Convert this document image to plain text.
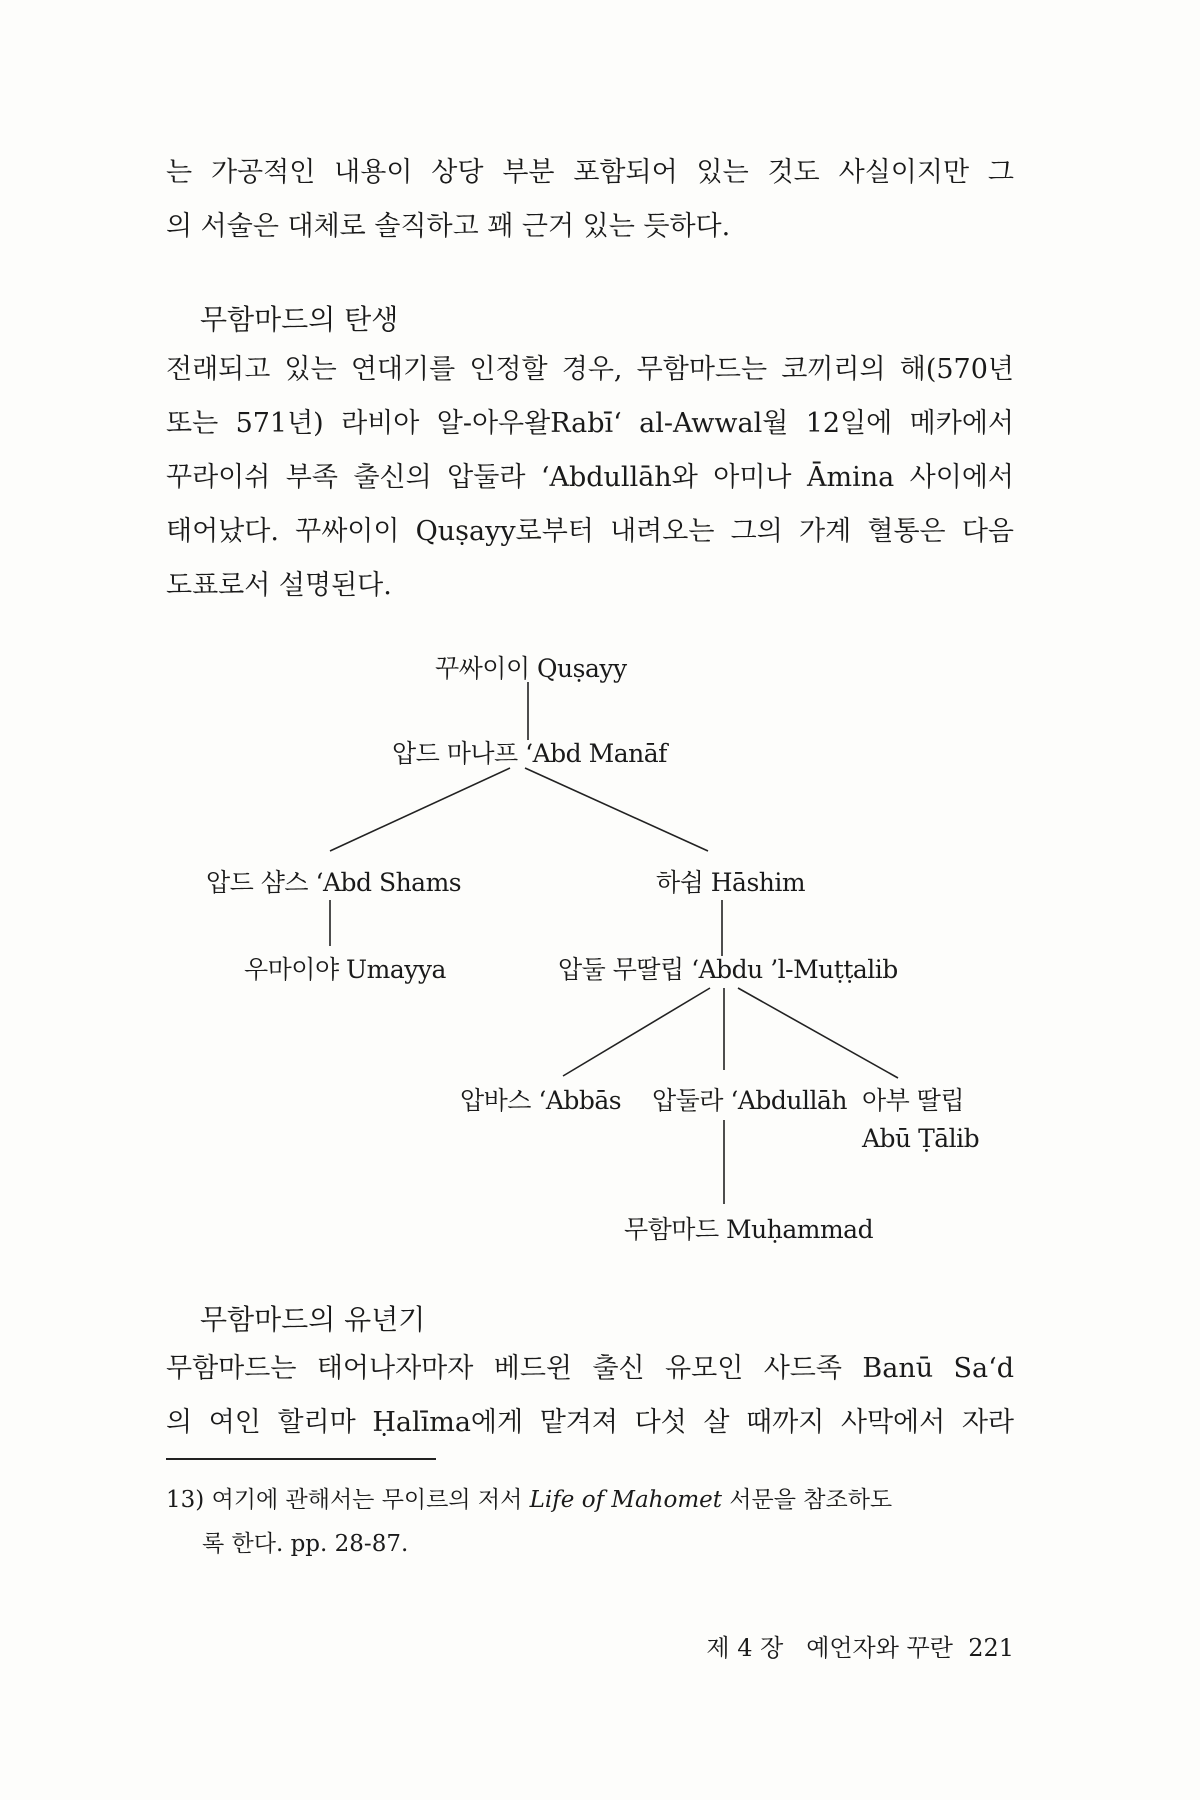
는 가공적인 내용이 상당 부분 포함되어 있는 것도 사실이지만 그
의 서술은 대체로 솔직하고 꽤 근거 있는 듯하다.
무함마드의 탄생
전래되고 있는 연대기를 인정할 경우, 무함마드는 코끼리의 해(570년
또는 571년) 라비아 알-아우왈Rabī‘ al-Awwal월 12일에 메카에서
꾸라이쉬 부족 출신의 압둘라 ‘Abdullāh와 아미나 Āmina 사이에서
태어났다. 꾸싸이이 Quṣayy로부터 내려오는 그의 가계 혈통은 다음
도표로서 설명된다.
꾸싸이이 Quṣayy
압드 마나프 ‘Abd Manāf
압드 샴스 ‘Abd Shams	하쉼 Hāshim
우마이야 Umayya	압둘 무딸립 ‘Abdu ’l-Muṭṭalib
압바스 ‘Abbās 압둘라 ‘Abdullāh 아부 딸립
Abū Ṭālib
무함마드 Muḥammad
무함마드의 유년기
무함마드는 태어나자마자 베드윈 출신 유모인 사드족 Banū Sa‘d
의 여인 할리마 Ḥalīma에게 맡겨져 다섯 살 때까지 사막에서 자라
13) 여기에 관해서는 무이르의 저서 Life of Mahomet 서문을 참조하도
록 한다. pp. 28-87.
제 4 장 예언자와 꾸란 221
